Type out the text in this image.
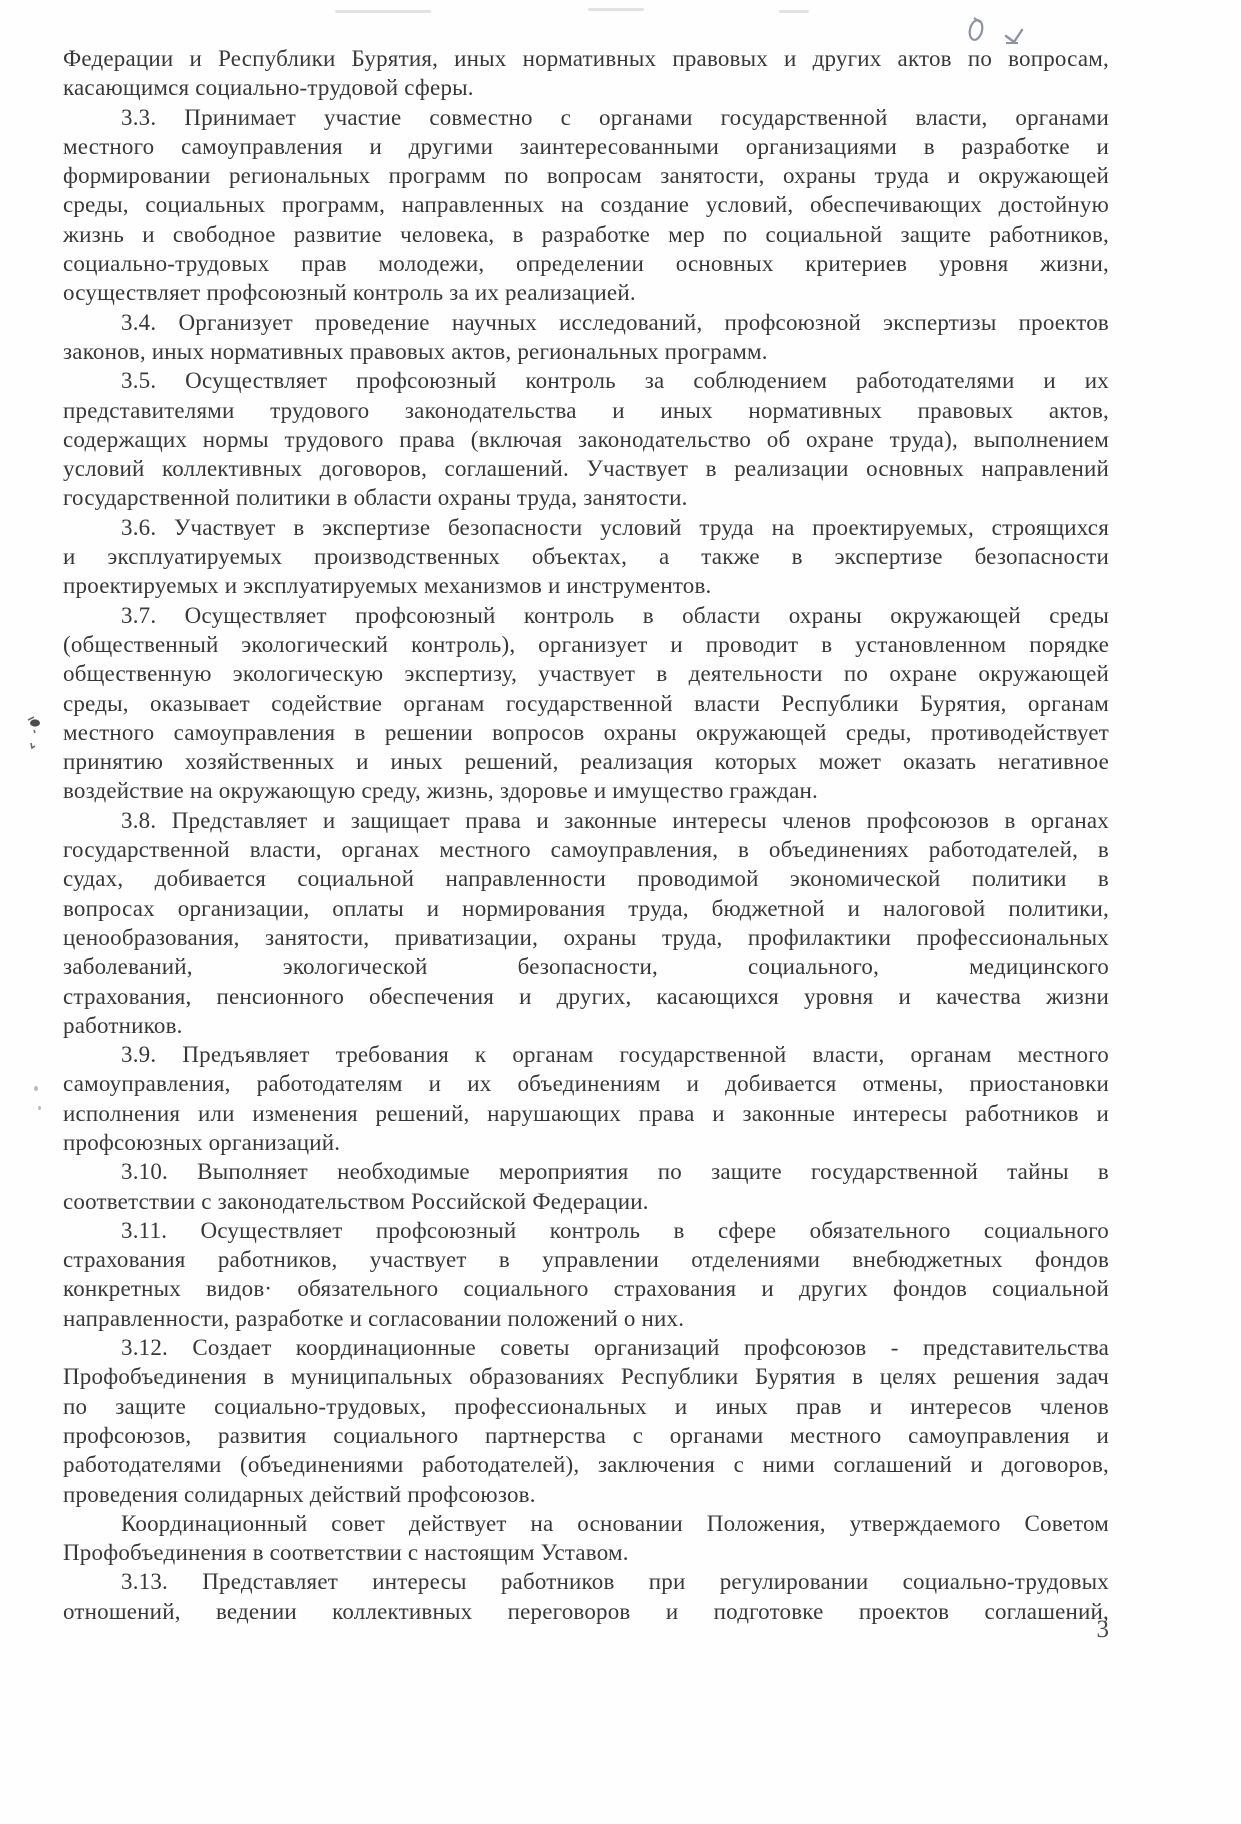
Федерации и Республики Бурятия, иных нормативных правовых и других актов по вопросам,
касающимся социально-трудовой сферы.
3.3. Принимает участие совместно с органами государственной власти, органами
местного самоуправления и другими заинтересованными организациями в разработке и
формировании региональных программ по вопросам занятости, охраны труда и окружающей
среды, социальных программ, направленных на создание условий, обеспечивающих достойную
жизнь и свободное развитие человека, в разработке мер по социальной защите работников,
социально-трудовых прав молодежи, определении основных критериев уровня жизни,
осуществляет профсоюзный контроль за их реализацией.
3.4. Организует проведение научных исследований, профсоюзной экспертизы проектов
законов, иных нормативных правовых актов, региональных программ.
3.5. Осуществляет профсоюзный контроль за соблюдением работодателями и их
представителями трудового законодательства и иных нормативных правовых актов,
содержащих нормы трудового права (включая законодательство об охране труда), выполнением
условий коллективных договоров, соглашений. Участвует в реализации основных направлений
государственной политики в области охраны труда, занятости.
3.6. Участвует в экспертизе безопасности условий труда на проектируемых, строящихся
и эксплуатируемых производственных объектах, а также в экспертизе безопасности
проектируемых и эксплуатируемых механизмов и инструментов.
3.7. Осуществляет профсоюзный контроль в области охраны окружающей среды
(общественный экологический контроль), организует и проводит в установленном порядке
общественную экологическую экспертизу, участвует в деятельности по охране окружающей
среды, оказывает содействие органам государственной власти Республики Бурятия, органам
местного самоуправления в решении вопросов охраны окружающей среды, противодействует
принятию хозяйственных и иных решений, реализация которых может оказать негативное
воздействие на окружающую среду, жизнь, здоровье и имущество граждан.
3.8. Представляет и защищает права и законные интересы членов профсоюзов в органах
государственной власти, органах местного самоуправления, в объединениях работодателей, в
судах, добивается социальной направленности проводимой экономической политики в
вопросах организации, оплаты и нормирования труда, бюджетной и налоговой политики,
ценообразования, занятости, приватизации, охраны труда, профилактики профессиональных
заболеваний, экологической безопасности, социального, медицинского
страхования, пенсионного обеспечения и других, касающихся уровня и качества жизни
работников.
3.9. Предъявляет требования к органам государственной власти, органам местного
самоуправления, работодателям и их объединениям и добивается отмены, приостановки
исполнения или изменения решений, нарушающих права и законные интересы работников и
профсоюзных организаций.
3.10. Выполняет необходимые мероприятия по защите государственной тайны в
соответствии с законодательством Российской Федерации.
3.11. Осуществляет профсоюзный контроль в сфере обязательного социального
страхования работников, участвует в управлении отделениями внебюджетных фондов
конкретных видов· обязательного социального страхования и других фондов социальной
направленности, разработке и согласовании положений о них.
3.12. Создает координационные советы организаций профсоюзов - представительства
Профобъединения в муниципальных образованиях Республики Бурятия в целях решения задач
по защите социально-трудовых, профессиональных и иных прав и интересов членов
профсоюзов, развития социального партнерства с органами местного самоуправления и
работодателями (объединениями работодателей), заключения с ними соглашений и договоров,
проведения солидарных действий профсоюзов.
Координационный совет действует на основании Положения, утверждаемого Советом
Профобъединения в соответствии с настоящим Уставом.
3.13. Представляет интересы работников при регулировании социально-трудовых
отношений, ведении коллективных переговоров и подготовке проектов соглашений,
3
